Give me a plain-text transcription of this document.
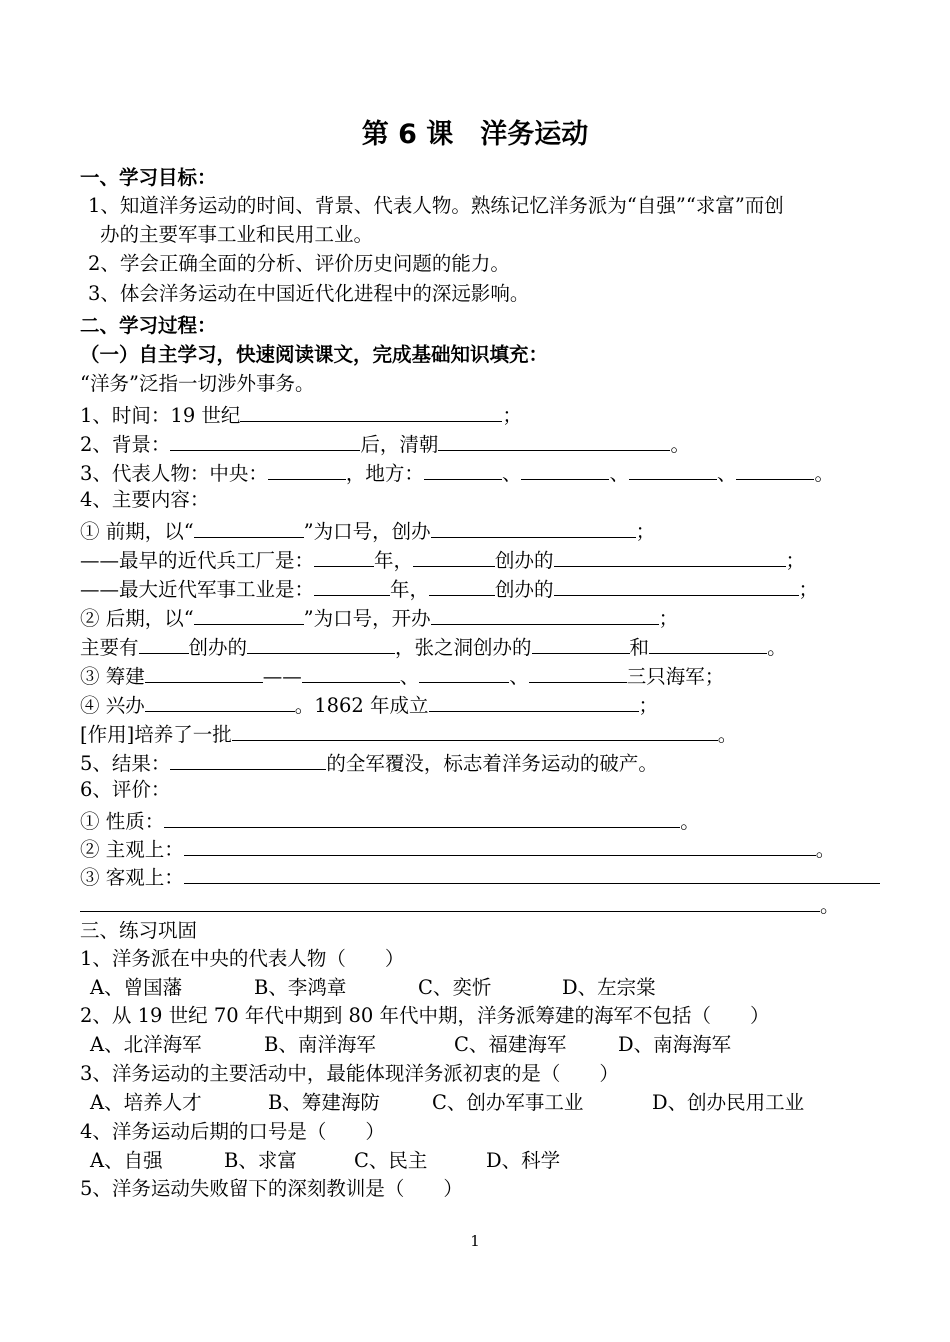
第 6 课　洋务运动
一、学习目标：
1、知道洋务运动的时间、背景、代表人物。熟练记忆洋务派为“自强”“求富”而创
办的主要军事工业和民用工业。
2、学会正确全面的分析、评价历史问题的能力。
3、体会洋务运动在中国近代化进程中的深远影响。
二、学习过程：
（一）自主学习，快速阅读课文，完成基础知识填充：
“洋务”泛指一切涉外事务。
1、时间：19 世纪	；
2、背景：	后，清朝	。
3、代表人物：中央：	，地方：	、	、	、	。
4、主要内容：
① 前期，以“	”为口号，创办	；
——最早的近代兵工厂是：	年，	创办的	；
——最大近代军事工业是：	年，	创办的	；
② 后期，以“	”为口号，开办	；
主要有	创办的	，张之洞创办的	和	。
③ 筹建	——	、	、	三只海军；
④ 兴办	。1862 年成立	；
[作用]培养了一批	。
5、结果：	的全军覆没，标志着洋务运动的破产。
6、评价：
① 性质：	。
② 主观上：	。
③ 客观上：
。
三、练习巩固
1、洋务派在中央的代表人物（　　）
A、曾国藩	B、李鸿章	C、奕忻	D、左宗棠
2、从 19 世纪 70 年代中期到 80 年代中期，洋务派筹建的海军不包括（　　）
A、北洋海军	B、南洋海军	C、福建海军	D、南海海军
3、洋务运动的主要活动中，最能体现洋务派初衷的是（　　）
A、培养人才	B、筹建海防	C、创办军事工业	D、创办民用工业
4、洋务运动后期的口号是（　　）
A、自强	B、求富	C、民主	D、科学
5、洋务运动失败留下的深刻教训是（　　）
1
